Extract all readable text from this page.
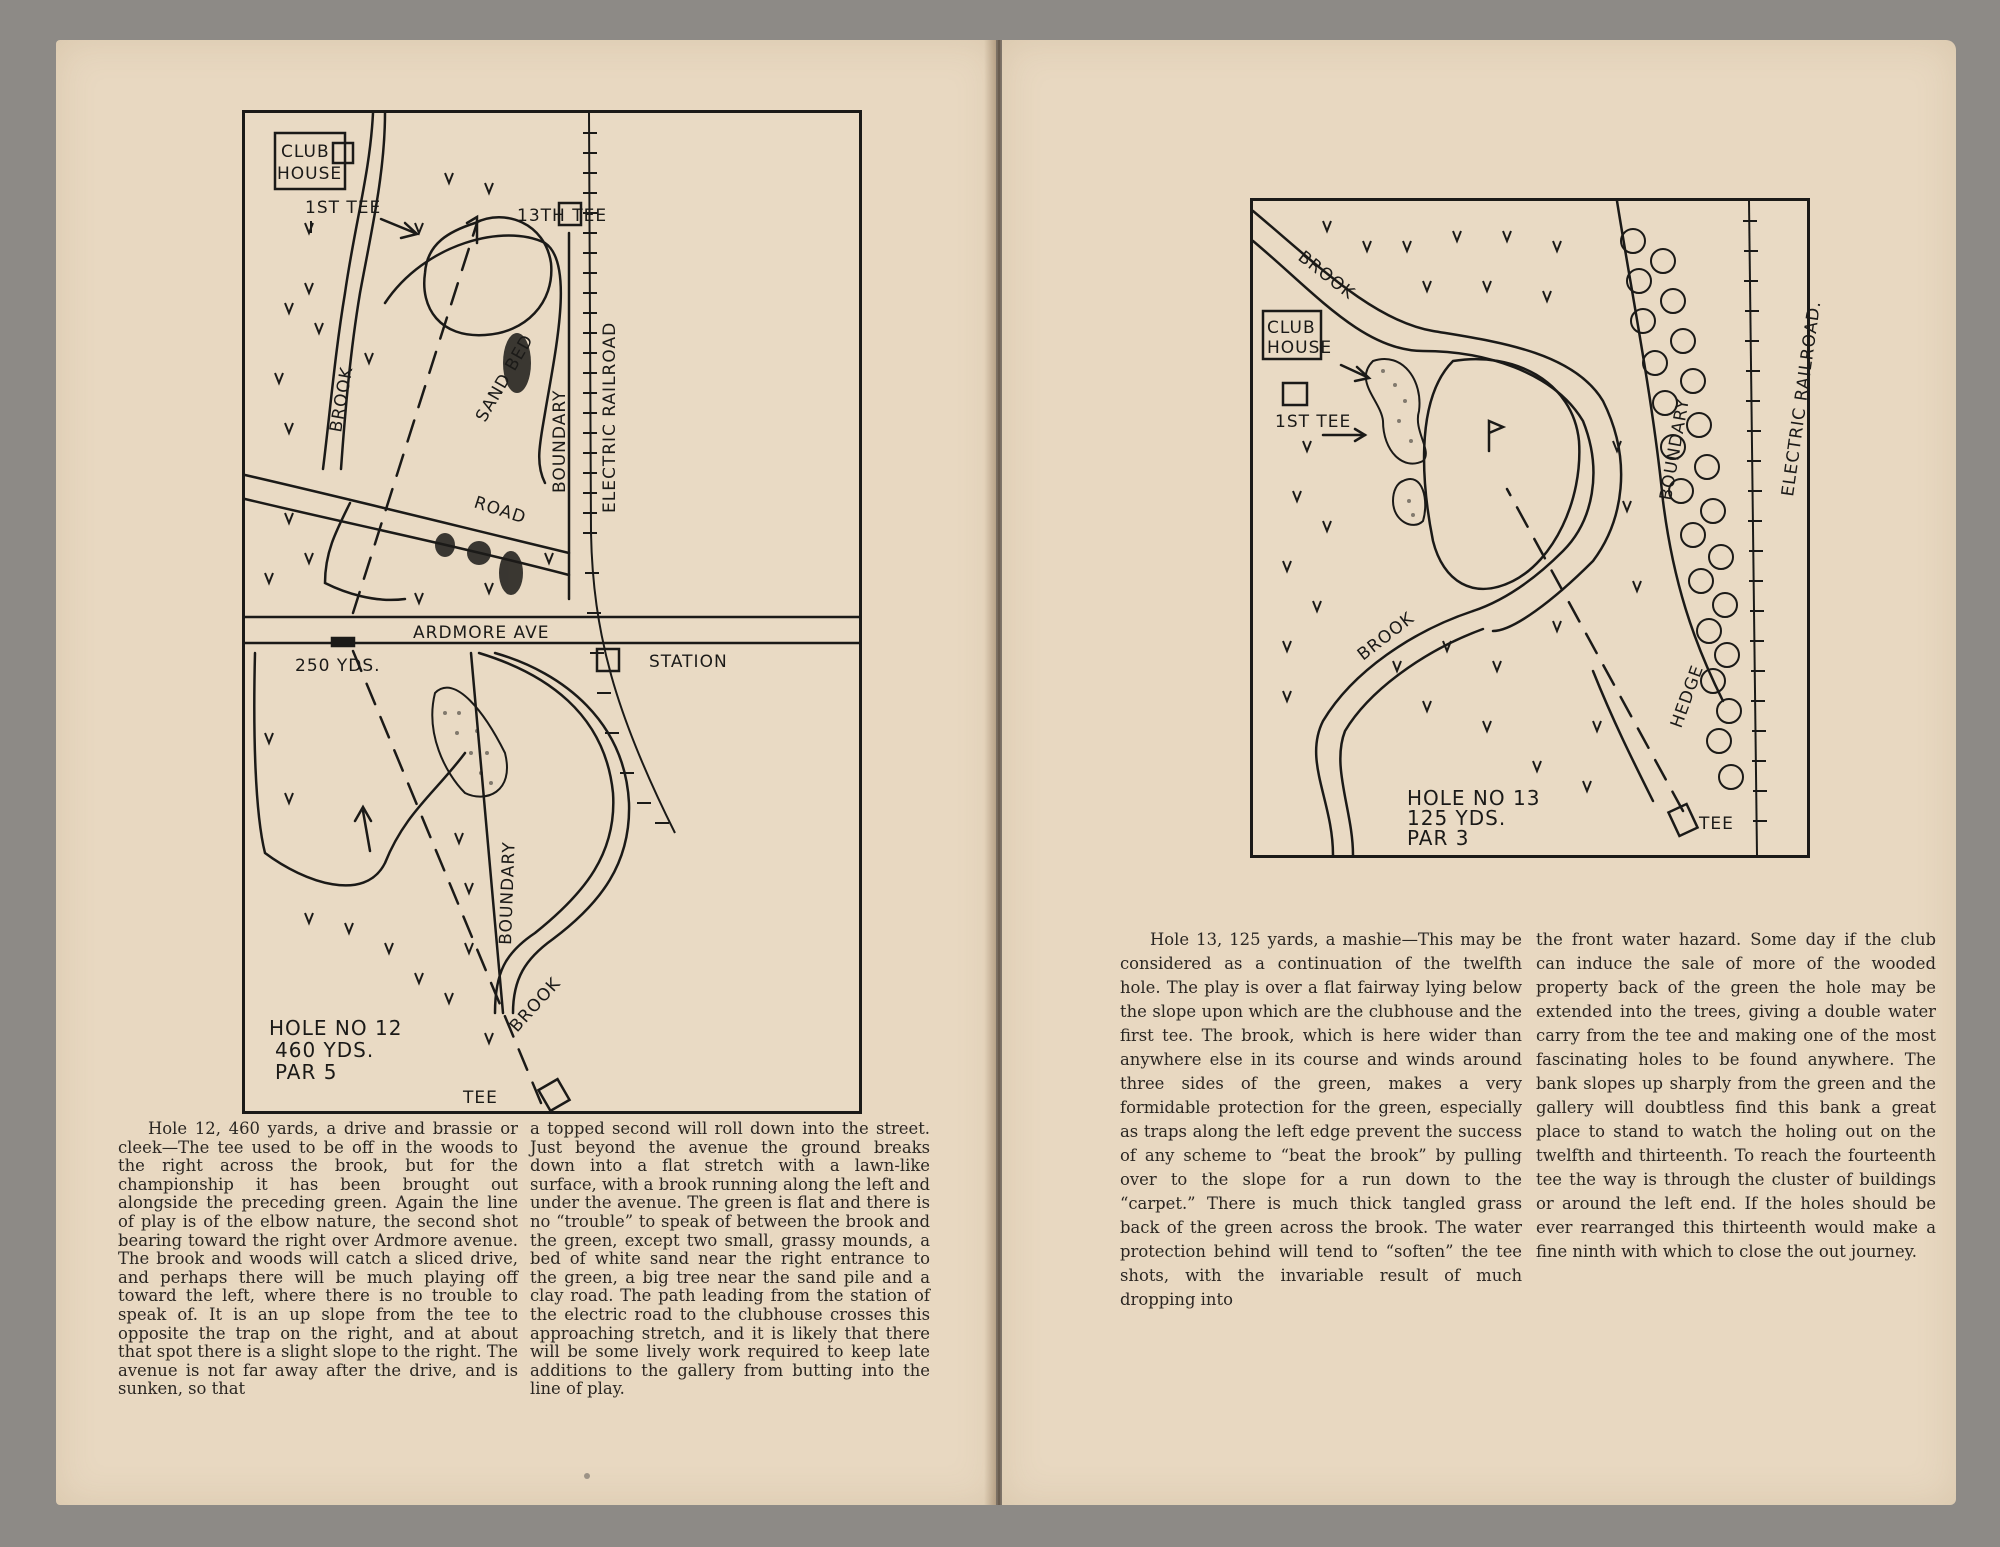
CLUB
HOUSE
1ST TEE	13TH TEE
BROOK	SAND BED
BOUNDARY ELECTRIC RAILROAD
ROAD
ARDMORE AVE
STATION
250 YDS.
BOUNDARY
BROOK
TEE
HOLE NO 12
460 YDS.
PAR 5

Hole 12, 460 yards, a drive and brassie or cleek—The tee used to be off in the woods to the right across the brook, but for the championship it has been brought out alongside the preceding green. Again the line of play is of the elbow nature, the second shot bearing toward the right over Ardmore avenue. The brook and woods will catch a sliced drive, and perhaps there will be much playing off toward the left, where there is no trouble to speak of. It is an up slope from the tee to opposite the trap on the right, and at about that spot there is a slight slope to the right. The avenue is not far away after the drive, and is sunken, so that

a topped second will roll down into the street. Just beyond the avenue the ground breaks down into a flat stretch with a lawn-like surface, with a brook running along the left and under the avenue. The green is flat and there is no “trouble” to speak of between the brook and the green, except two small, grassy mounds, a bed of white sand near the right entrance to the green, a big tree near the sand pile and a clay road. The path leading from the station of the electric road to the clubhouse crosses this approaching stretch, and it is likely that there will be some lively work required to keep late additions to the gallery from butting into the line of play.

BROOK
CLUB
HOUSE
1ST TEE	BOUNDARY	ELECTRIC RAILROAD.
BROOK
HEDGE
TEE
HOLE NO 13
125 YDS.
PAR 3

Hole 13, 125 yards, a mashie—This may be considered as a continuation of the twelfth hole. The play is over a flat fairway lying below the slope upon which are the clubhouse and the first tee. The brook, which is here wider than anywhere else in its course and winds around three sides of the green, makes a very formidable protection for the green, especially as traps along the left edge prevent the success of any scheme to “beat the brook” by pulling over to the slope for a run down to the “carpet.” There is much thick tangled grass back of the green across the brook. The water protection behind will tend to “soften” the tee shots, with the invariable result of much dropping into

the front water hazard. Some day if the club can induce the sale of more of the wooded property back of the green the hole may be extended into the trees, giving a double water carry from the tee and making one of the most fascinating holes to be found anywhere. The bank slopes up sharply from the green and the gallery will doubtless find this bank a great place to stand to watch the holing out on the twelfth and thirteenth. To reach the fourteenth tee the way is through the cluster of buildings or around the left end. If the holes should be ever rearranged this thirteenth would make a fine ninth with which to close the out journey.
